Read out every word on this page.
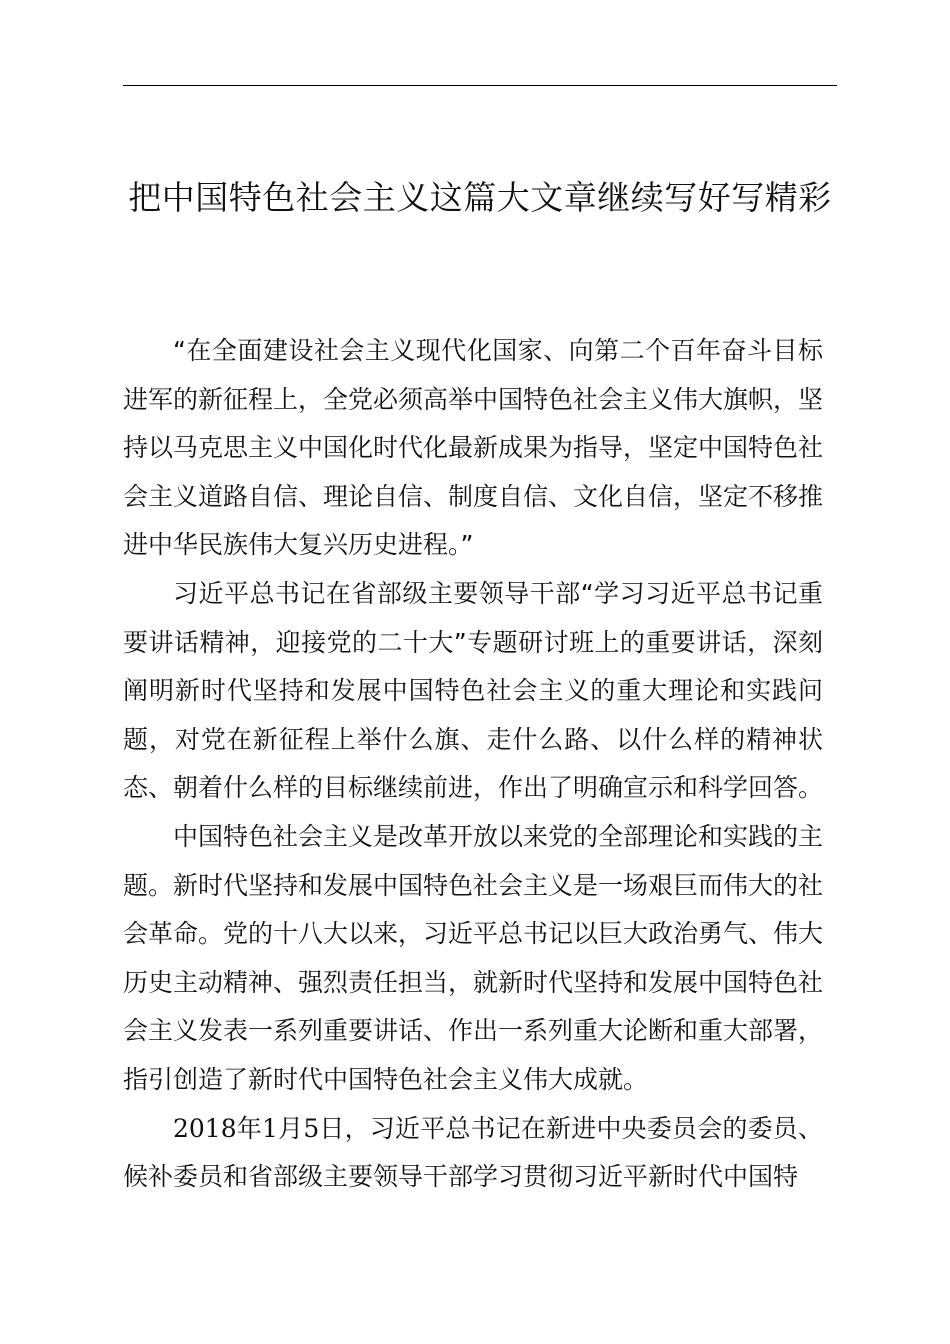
把中国特色社会主义这篇大文章继续写好写精彩

“在全面建设社会主义现代化国家、向第二个百年奋斗目标进军的新征程上，全党必须高举中国特色社会主义伟大旗帜，坚持以马克思主义中国化时代化最新成果为指导，坚定中国特色社会主义道路自信、理论自信、制度自信、文化自信，坚定不移推进中华民族伟大复兴历史进程。”

习近平总书记在省部级主要领导干部“学习习近平总书记重要讲话精神，迎接党的二十大”专题研讨班上的重要讲话，深刻阐明新时代坚持和发展中国特色社会主义的重大理论和实践问题，对党在新征程上举什么旗、走什么路、以什么样的精神状态、朝着什么样的目标继续前进，作出了明确宣示和科学回答。

中国特色社会主义是改革开放以来党的全部理论和实践的主题。新时代坚持和发展中国特色社会主义是一场艰巨而伟大的社会革命。党的十八大以来，习近平总书记以巨大政治勇气、伟大历史主动精神、强烈责任担当，就新时代坚持和发展中国特色社会主义发表一系列重要讲话、作出一系列重大论断和重大部署，指引创造了新时代中国特色社会主义伟大成就。

2018年1月5日，习近平总书记在新进中央委员会的委员、候补委员和省部级主要领导干部学习贯彻习近平新时代中国特
